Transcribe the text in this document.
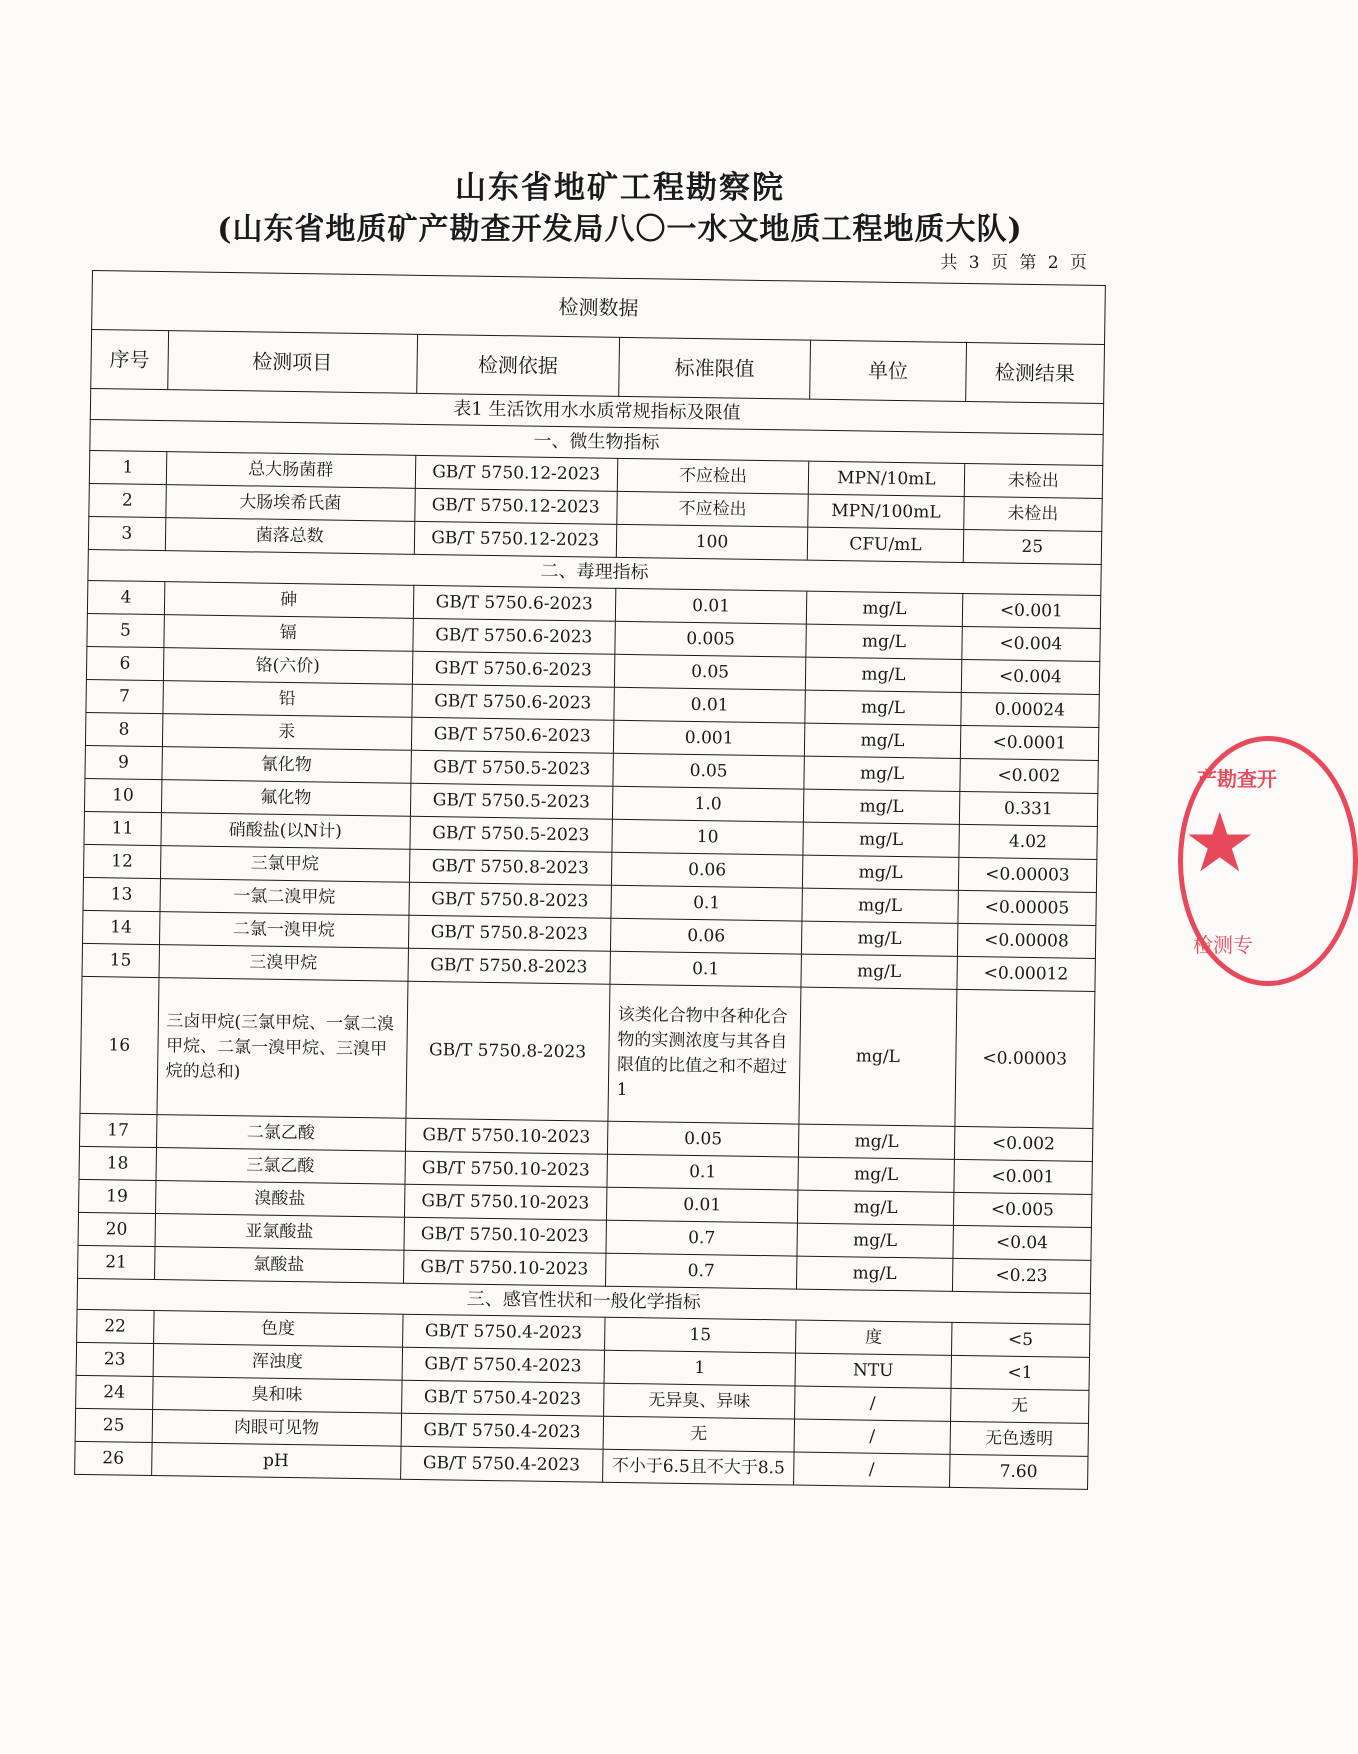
山东省地矿工程勘察院
(山东省地质矿产勘查开发局八〇一水文地质工程地质大队)
共 3 页 第 2 页
检测数据					
序号	检测项目	检测依据	标准限值	单位	检测结果
表1 生活饮用水水质常规指标及限值					
一、微生物指标					
1	总大肠菌群	GB/T 5750.12-2023	不应检出	MPN/10mL	未检出
2	大肠埃希氏菌	GB/T 5750.12-2023	不应检出	MPN/100mL	未检出
3	菌落总数	GB/T 5750.12-2023	100	CFU/mL	25
二、毒理指标					
4	砷	GB/T 5750.6-2023	0.01	mg/L	<0.001
5	镉	GB/T 5750.6-2023	0.005	mg/L	<0.004
6	铬(六价)	GB/T 5750.6-2023	0.05	mg/L	<0.004
7	铅	GB/T 5750.6-2023	0.01	mg/L	0.00024
8	汞	GB/T 5750.6-2023	0.001	mg/L	<0.0001
9	氰化物	GB/T 5750.5-2023	0.05	mg/L	<0.002
10	氟化物	GB/T 5750.5-2023	1.0	mg/L	0.331
11	硝酸盐(以N计)	GB/T 5750.5-2023	10	mg/L	4.02
12	三氯甲烷	GB/T 5750.8-2023	0.06	mg/L	<0.00003
13	一氯二溴甲烷	GB/T 5750.8-2023	0.1	mg/L	<0.00005
14	二氯一溴甲烷	GB/T 5750.8-2023	0.06	mg/L	<0.00008
15	三溴甲烷	GB/T 5750.8-2023	0.1	mg/L	<0.00012
16	三卤甲烷(三氯甲烷、一氯二溴甲烷、二氯一溴甲烷、三溴甲烷的总和)	GB/T 5750.8-2023	该类化合物中各种化合物的实测浓度与其各自限值的比值之和不超过1	mg/L	<0.00003
17	二氯乙酸	GB/T 5750.10-2023	0.05	mg/L	<0.002
18	三氯乙酸	GB/T 5750.10-2023	0.1	mg/L	<0.001
19	溴酸盐	GB/T 5750.10-2023	0.01	mg/L	<0.005
20	亚氯酸盐	GB/T 5750.10-2023	0.7	mg/L	<0.04
21	氯酸盐	GB/T 5750.10-2023	0.7	mg/L	<0.23
三、感官性状和一般化学指标					
22	色度	GB/T 5750.4-2023	15	度	<5
23	浑浊度	GB/T 5750.4-2023	1	NTU	<1
24	臭和味	GB/T 5750.4-2023	无异臭、异味	/	无
25	肉眼可见物	GB/T 5750.4-2023	无	/	无色透明
26	pH	GB/T 5750.4-2023	不小于6.5且不大于8.5	/	7.60
产勘查开
★
检测专
